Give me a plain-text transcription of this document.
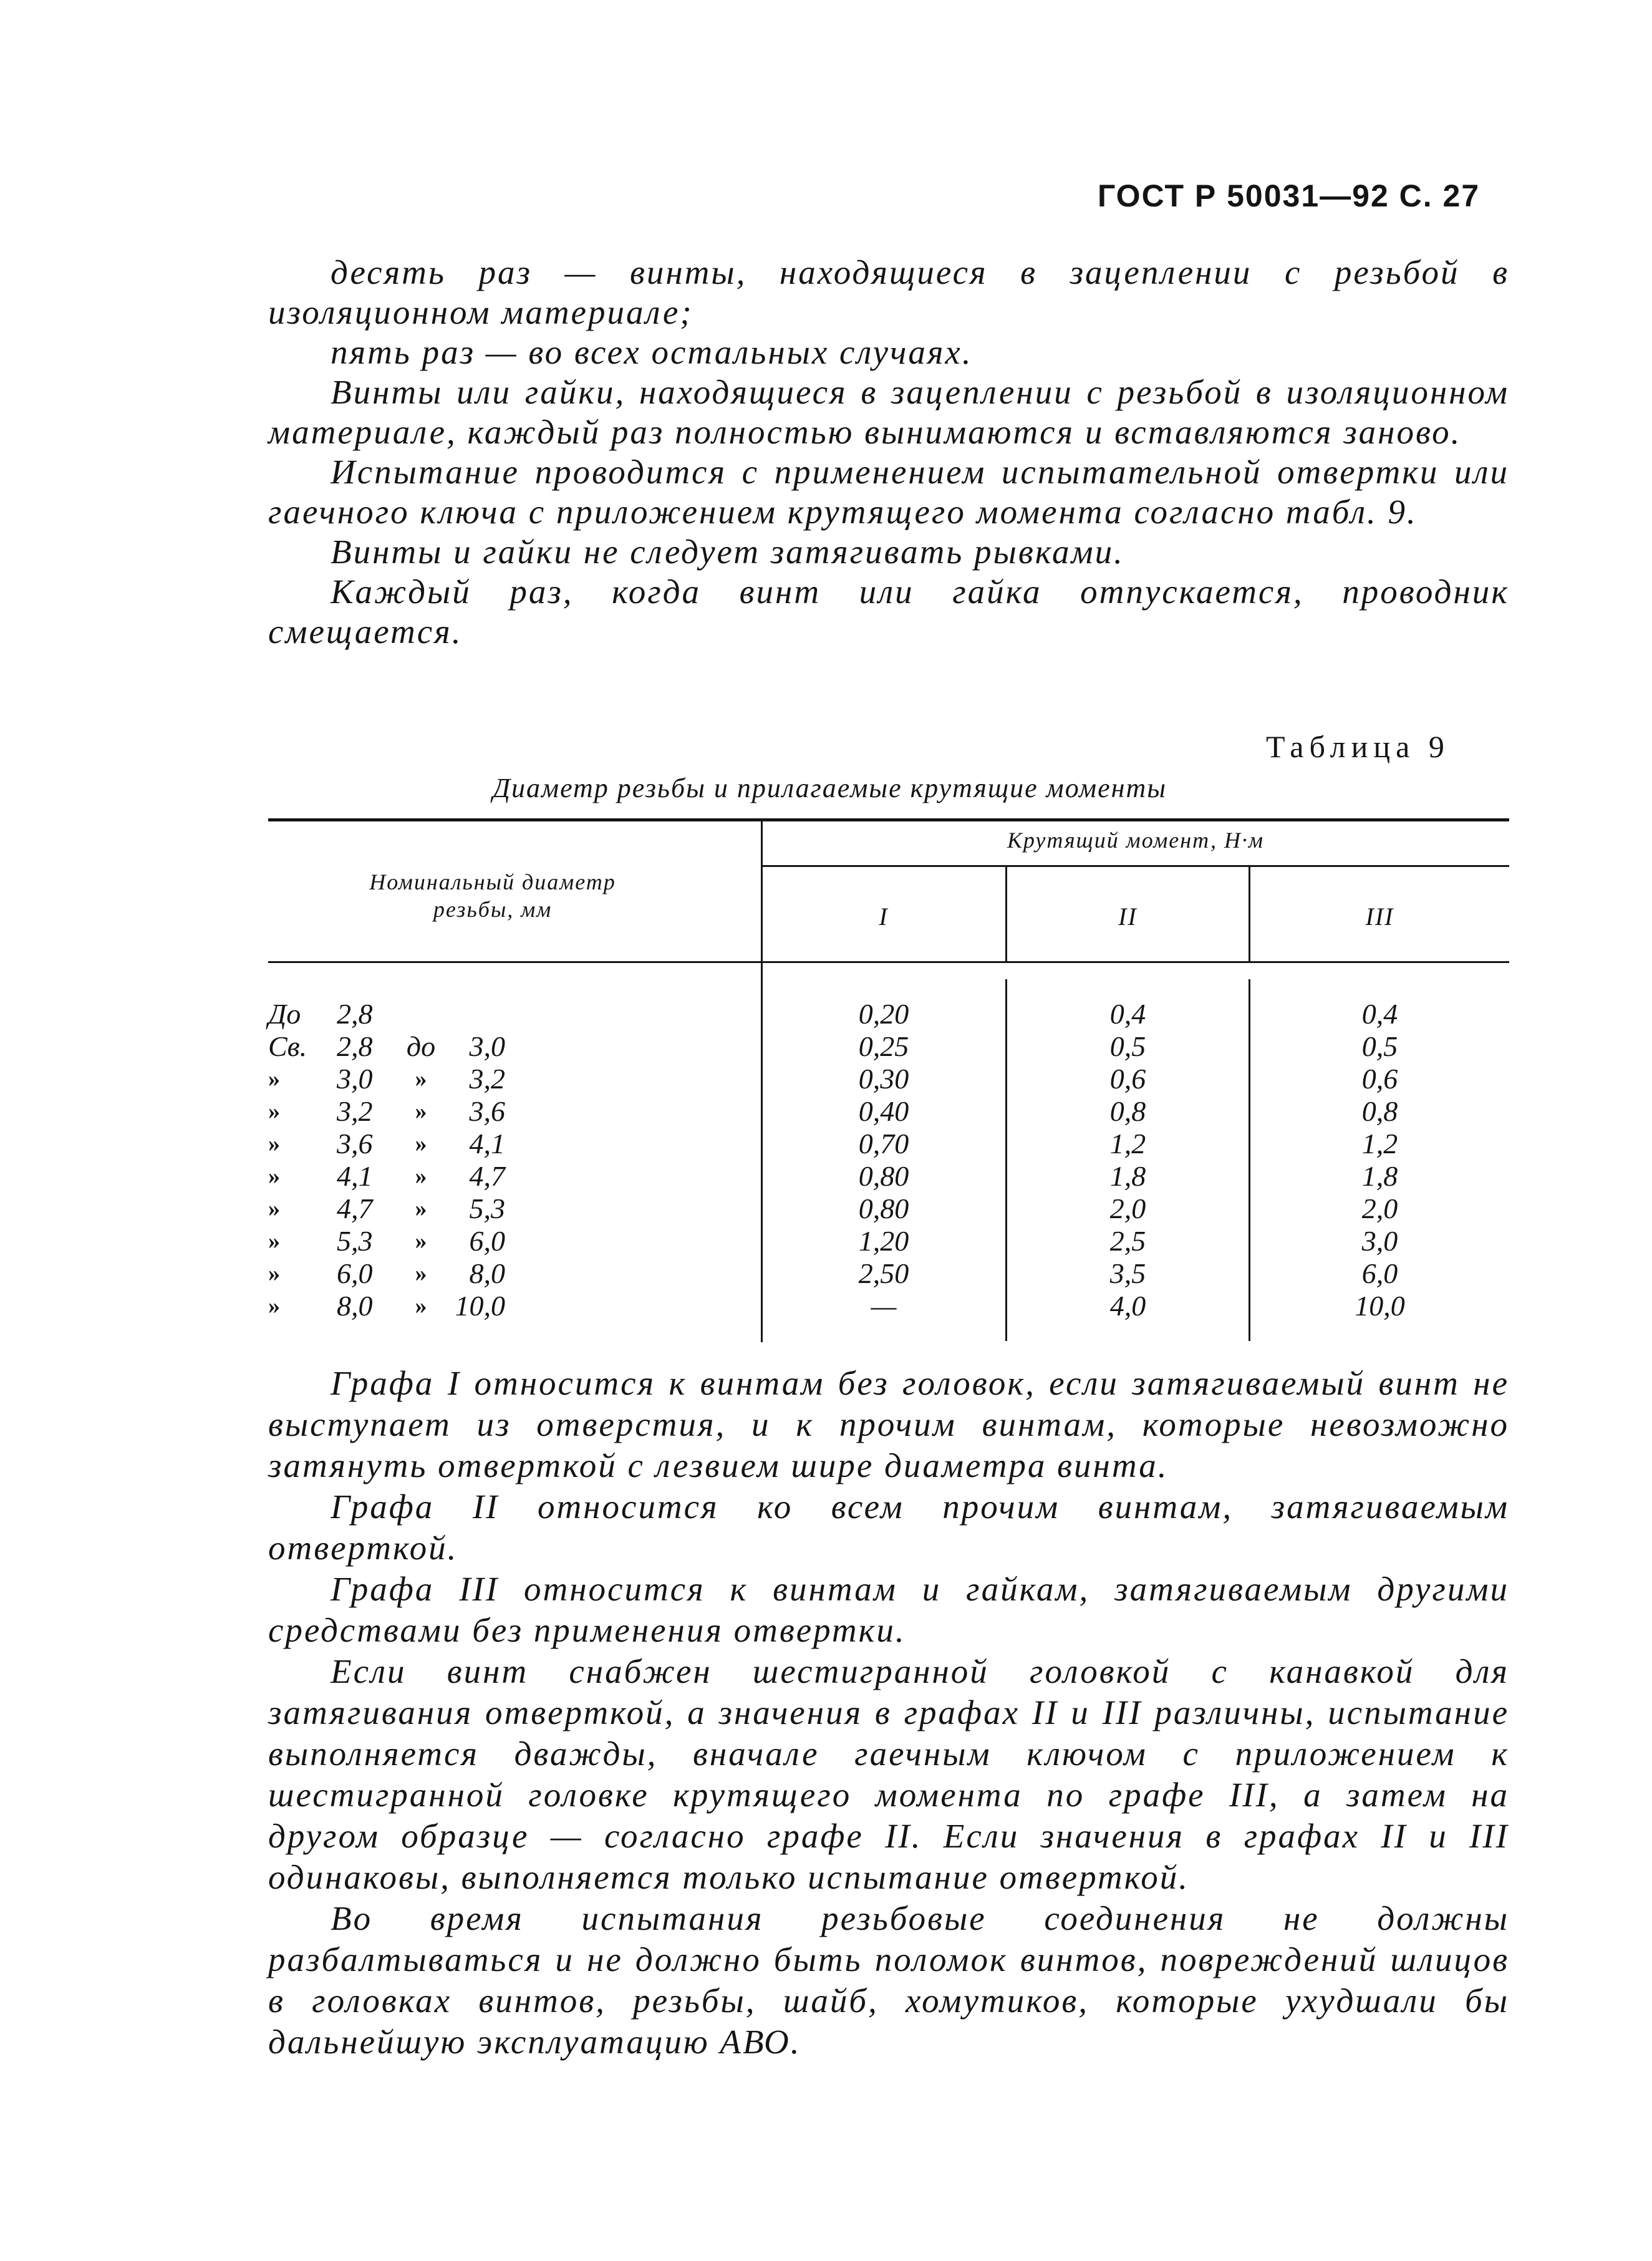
ГОСТ Р 50031—92 С. 27

десять раз — винты, находящиеся в зацеплении с резьбой в изоляционном материале;

пять раз — во всех остальных случаях.

Винты или гайки, находящиеся в зацеплении с резьбой в изоляционном материале, каждый раз полностью вынимаются и вставляются заново.

Испытание проводится с применением испытательной отвертки или гаечного ключа с приложением крутящего момента согласно табл. 9.

Винты и гайки не следует затягивать рывками.

Каждый раз, когда винт или гайка отпускается, проводник смещается.

Таблица 9
Диаметр резьбы и прилагаемые крутящие моменты
Номинальный диаметр резьбы, мм
Крутящий момент, Н·м
I	II	III
До	2,8	0,20	0,4	0,4
Св.	2,8	до	3,0	0,25	0,5	0,5
»	3,0	»	3,2	0,30	0,6	0,6
»	3,2	»	3,6	0,40	0,8	0,8
»	3,6	»	4,1	0,70	1,2	1,2
»	4,1	»	4,7	0,80	1,8	1,8
»	4,7	»	5,3	0,80	2,0	2,0
»	5,3	»	6,0	1,20	2,5	3,0
»	6,0	»	8,0	2,50	3,5	6,0
»	8,0	» 10,0	—	4,0	10,0

Графа I относится к винтам без головок, если затягиваемый винт не выступает из отверстия, и к прочим винтам, которые невозможно затянуть отверткой с лезвием шире диаметра винта.

Графа II относится ко всем прочим винтам, затягиваемым отверткой.

Графа III относится к винтам и гайкам, затягиваемым другими средствами без применения отвертки.

Если винт снабжен шестигранной головкой с канавкой для затягивания отверткой, а значения в графах II и III различны, испытание выполняется дважды, вначале гаечным ключом с приложением к шестигранной головке крутящего момента по графе III, а затем на другом образце — согласно графе II. Если значения в графах II и III одинаковы, выполняется только испытание отверткой.

Во время испытания резьбовые соединения не должны разбалтываться и не должно быть поломок винтов, повреждений шлицов в головках винтов, резьбы, шайб, хомутиков, которые ухудшали бы дальнейшую эксплуатацию АВО.
